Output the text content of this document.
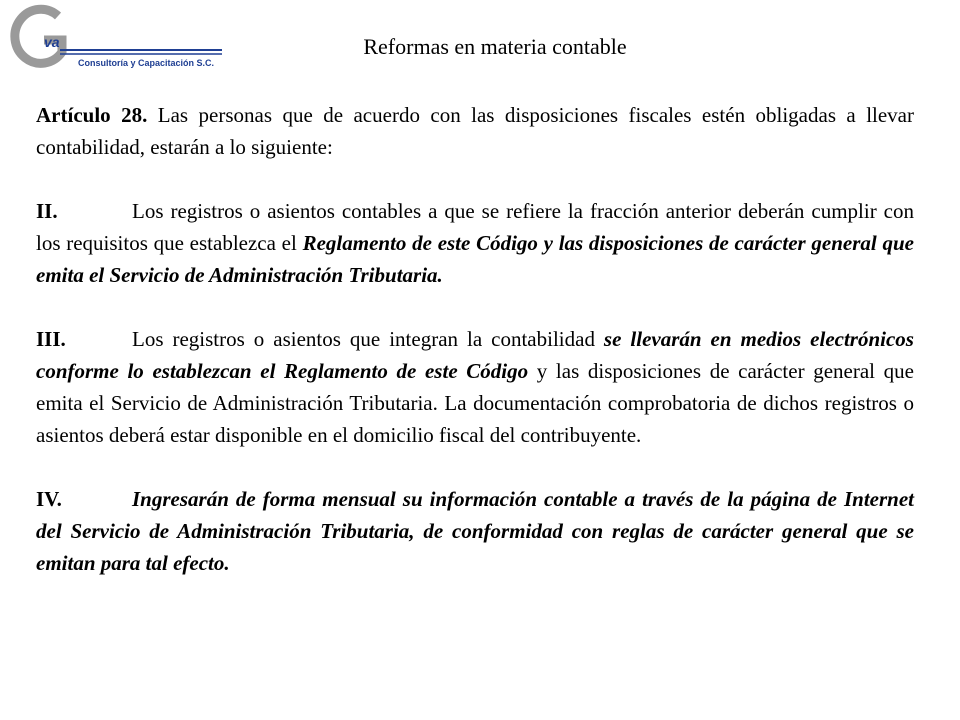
va
Consultoría y Capacitación S.C.
Reformas en materia contable

Artículo 28. Las personas que de acuerdo con las disposiciones fiscales estén obligadas a llevar contabilidad, estarán a lo siguiente:

II.	Los registros o asientos contables a que se refiere la fracción anterior deberán cumplir con los requisitos que establezca el Reglamento de este Código y las disposiciones de carácter general que emita el Servicio de Administración Tributaria.

III.	Los registros o asientos que integran la contabilidad se llevarán en medios electrónicos conforme lo establezcan el Reglamento de este Código y las disposiciones de carácter general que emita el Servicio de Administración Tributaria. La documentación comprobatoria de dichos registros o asientos deberá estar disponible en el domicilio fiscal del contribuyente.

IV.	Ingresarán de forma mensual su información contable a través de la página de Internet del Servicio de Administración Tributaria, de conformidad con reglas de carácter general que se emitan para tal efecto.
